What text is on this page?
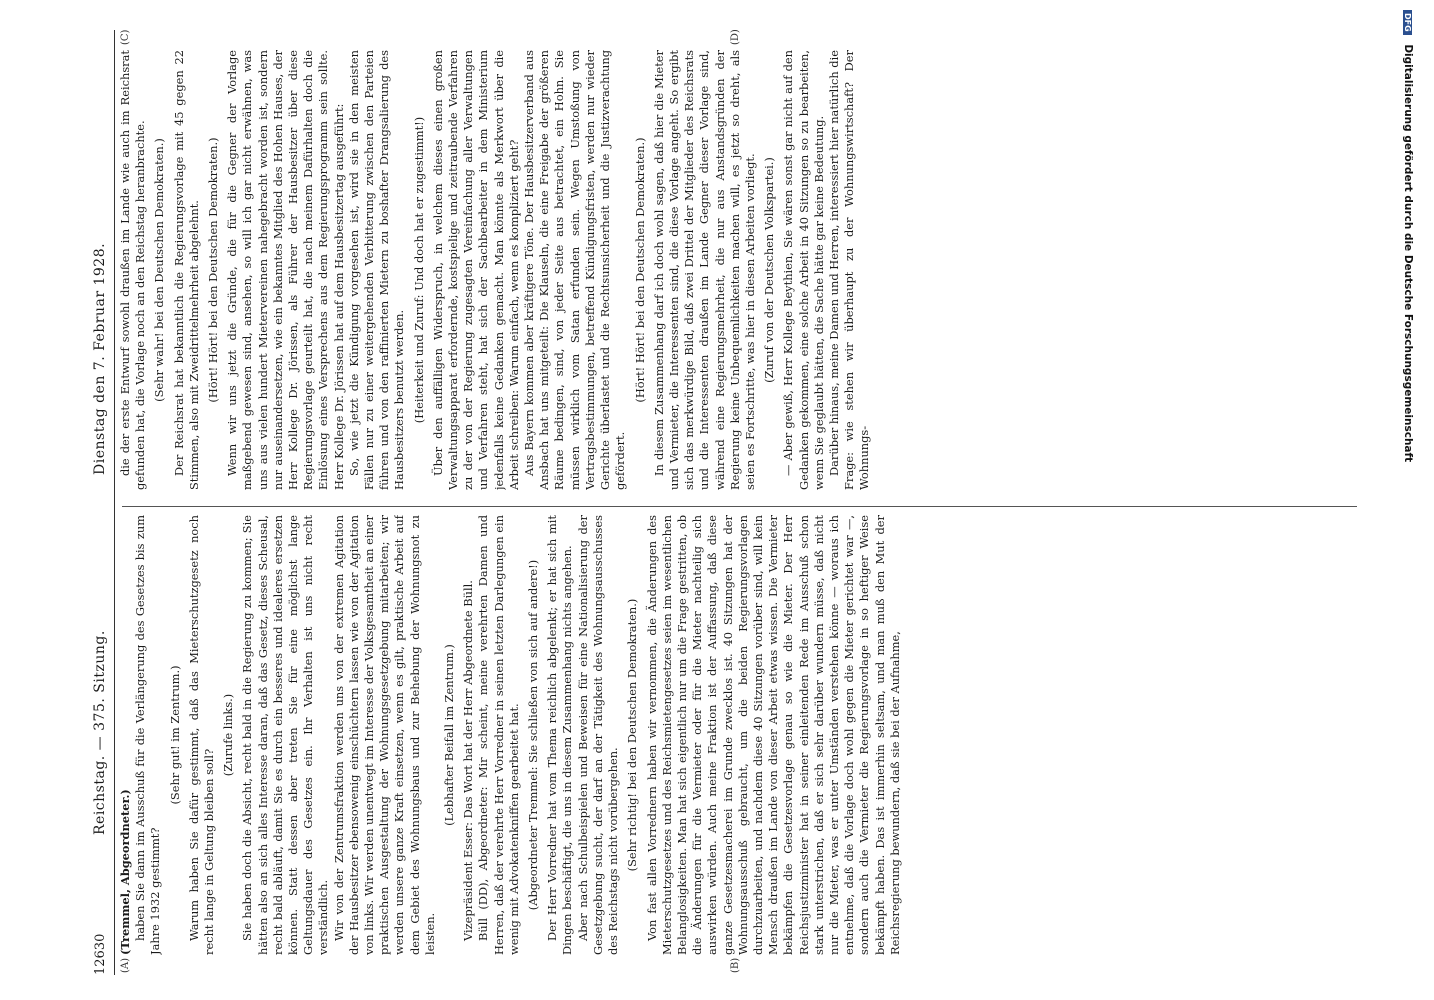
12630
Reichstag. — 375. Sitzung.
Dienstag den 7. Februar 1928.

(Tremmel, Abgeordneter.) haben Sie dann im Ausschuß für die Verlängerung des Gesetzes bis zum Jahre 1932 gestimmt?

(Sehr gut! im Zentrum.) Warum haben Sie dafür gestimmt, daß das Mieterschutzgesetz noch recht lange in Geltung bleiben soll?

(Zurufe links.) Sie haben doch die Absicht, recht bald in die Regierung zu kommen; Sie hätten also an sich alles Interesse daran, daß das Gesetz, dieses Scheusal, recht bald abläuft, damit Sie es durch ein besseres und idealeres ersetzen können. Statt dessen aber treten Sie für eine möglichst lange Geltungsdauer des Gesetzes ein. Ihr Verhalten ist uns nicht recht verständlich. Wir von der Zentrumsfraktion werden uns von der extremen Agitation der Hausbesitzer ebensowenig einschüchtern lassen wie von der Agitation von links. Wir werden unentwegt im Interesse der Volksgesamtheit an einer praktischen Ausgestaltung der Wohnungsgesetzgebung mitarbeiten; wir werden unsere ganze Kraft einsetzen, wenn es gilt, praktische Arbeit auf dem Gebiet des Wohnungsbaus und zur Behebung der Wohnungsnot zu leisten.

(Lebhafter Beifall im Zentrum.) Vizepräsident Esser: Das Wort hat der Herr Abgeordnete Büll. Büll (DD), Abgeordneter: Mir scheint, meine verehrten Damen und Herren, daß der verehrte Herr Vorredner in seinen letzten Darlegungen ein wenig mit Advokatenkniffen gearbeitet hat. (Abgeordneter Tremmel: Sie schließen von sich auf andere!) Der Herr Vorredner hat vom Thema reichlich abgelenkt; er hat sich mit Dingen beschäftigt, die uns in diesem Zusammenhang nichts angehen. Aber nach Schulbeispielen und Beweisen für eine Nationalisierung der Gesetzgebung sucht, der darf an der Tätigkeit des Wohnungsausschusses des Reichstags nicht vorübergehen. (Sehr richtig! bei den Deutschen Demokraten.) Von fast allen Vorrednern haben wir vernommen, die Änderungen des Mieterschutzgesetzes und des Reichsmietengesetzes seien im wesentlichen Belanglosigkeiten. Man hat sich eigentlich nur um die Frage gestritten, ob die Änderungen für die Vermieter oder für die Mieter nachteilig sich auswirken würden. Auch meine Fraktion ist der Auffassung, daß diese ganze Gesetzesmacherei im Grunde zwecklos ist. 40 Sitzungen hat der Wohnungsausschuß gebraucht, um die beiden Regierungsvorlagen durchzuarbeiten, und nachdem diese 40 Sitzungen vorüber sind, will kein Mensch draußen im Lande von dieser Arbeit etwas wissen. Die Vermieter bekämpfen die Gesetzesvorlage genau so wie die Mieter. Der Herr Reichsjustizminister hat in seiner einleitenden Rede im Ausschuß schon stark unterstrichen, daß er sich sehr darüber wundern müsse, daß nicht nur die Mieter, was er unter Umständen verstehen könne — woraus ich entnehme, daß die Vorlage doch wohl gegen die Mieter gerichtet war —, sondern auch die Vermieter die Regierungsvorlage in so heftiger Weise bekämpft haben. Das ist immerhin seltsam, und man muß den Mut der Reichsregierung bewundern, daß sie bei der Aufnahme,

die der erste Entwurf sowohl draußen im Lande wie auch im Reichsrat gefunden hat, die Vorlage noch an den Reichstag heranbrachte. (Sehr wahr! bei den Deutschen Demokraten.) Der Reichsrat hat bekanntlich die Regierungsvorlage mit 45 gegen 22 Stimmen, also mit Zweidrittelmehrheit abgelehnt. (Hört! Hört! bei den Deutschen Demokraten.) Wenn wir uns jetzt die Gründe, die für die Gegner der Vorlage maßgebend gewesen sind, ansehen, so will ich gar nicht erwähnen, was uns aus vielen hundert Mietervereinen nahegebracht worden ist, sondern nur auseinandersetzen, wie ein bekanntes Mitglied des Hohen Hauses, der Herr Kollege Dr. Jörissen, als Führer der Hausbesitzer über diese Regierungsvorlage geurteilt hat, die nach meinem Dafürhalten doch die Einlösung eines Versprechens aus dem Regierungsprogramm sein sollte. Herr Kollege Dr. Jörissen hat auf dem Hausbesitzertag ausgeführt: So, wie jetzt die Kündigung vorgesehen ist, wird sie in den meisten Fällen nur zu einer weitergehenden Verbitterung zwischen den Parteien führen und von den raffinierten Mietern zu boshafter Drangsalierung des Hausbesitzers benutzt werden. (Heiterkeit und Zuruf: Und doch hat er zugestimmt!) Über den auffälligen Widerspruch, in welchem dieses einen großen Verwaltungsapparat erfordernde, kostspielige und zeitraubende Verfahren zu der von der Regierung zugesagten Vereinfachung aller Verwaltungen und Verfahren steht, hat sich der Sachbearbeiter in dem Ministerium jedenfalls keine Gedanken gemacht. Man könnte als Merkwort über die Arbeit schreiben: Warum einfach, wenn es kompliziert geht? Aus Bayern kommen aber kräftigere Töne. Der Hausbesitzerverband aus Ansbach hat uns mitgeteilt: Die Klauseln, die eine Freigabe der größeren Räume bedingen, sind, von jeder Seite aus betrachtet, ein Hohn. Sie müssen wirklich vom Satan erfunden sein. Wegen Umstoßung von Vertragsbestimmungen, betreffend Kündigungsfristen, werden nur wieder Gerichte überlastet und die Rechtsunsicherheit und die Justizverachtung gefördert.

(Hört! Hört! bei den Deutschen Demokraten.) In diesem Zusammenhang darf ich doch wohl sagen, daß hier die Mieter und Vermieter, die Interessenten sind, die diese Vorlage angeht. So ergibt sich das merkwürdige Bild, daß zwei Drittel der Mitglieder des Reichsrats und die Interessenten draußen im Lande Gegner dieser Vorlage sind, während eine Regierungsmehrheit, die nur aus Anstandsgründen der Regierung keine Unbequemlichkeiten machen will, es jetzt so dreht, als seien es Fortschritte, was hier in diesen Arbeiten vorliegt. (Zuruf von der Deutschen Volkspartei.) — Aber gewiß, Herr Kollege Beythien, Sie wären sonst gar nicht auf den Gedanken gekommen, eine solche Arbeit in 40 Sitzungen so zu bearbeiten, wenn Sie geglaubt hätten, die Sache hätte gar keine Bedeutung. Darüber hinaus, meine Damen und Herren, interessiert hier natürlich die Frage: wie stehen wir überhaupt zu der Wohnungswirtschaft? Der Wohnungs-

(A)	(B)
(C)	(D)
DFG Digitalisierung gefördert durch die Deutsche Forschungsgemeinschaft
